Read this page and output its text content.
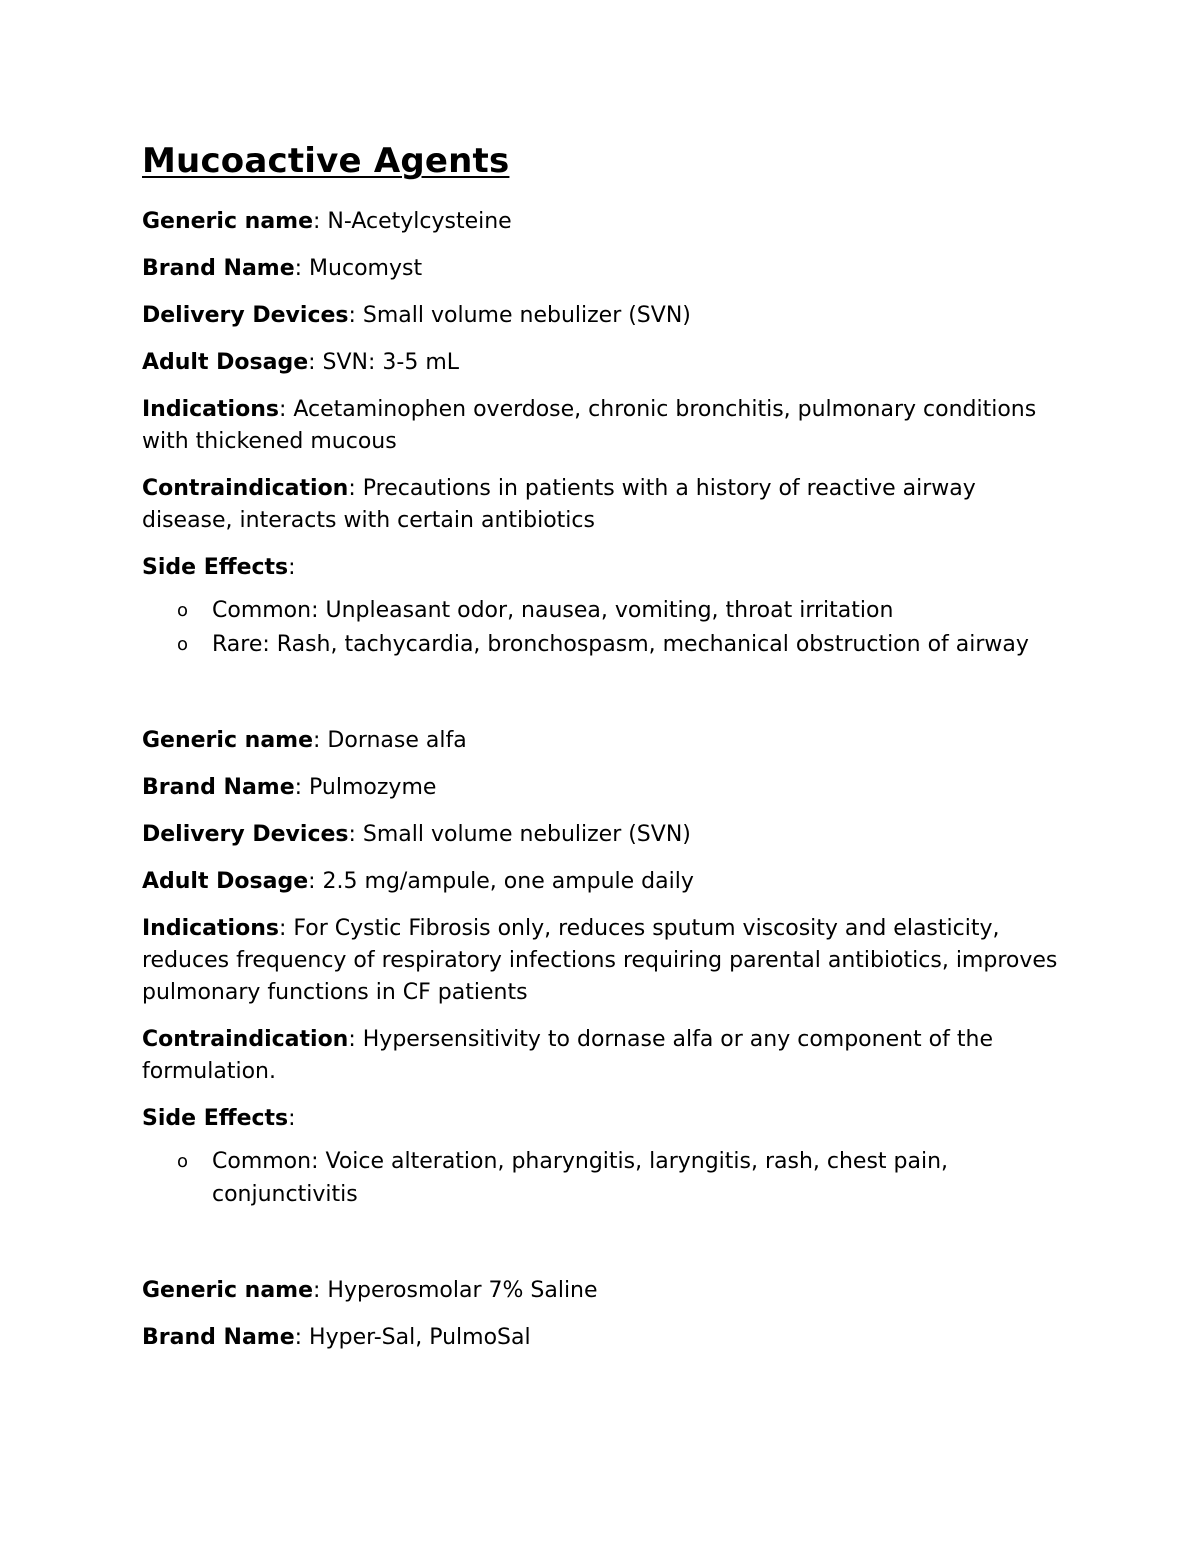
Mucoactive Agents

Generic name: N-Acetylcysteine

Brand Name: Mucomyst

Delivery Devices: Small volume nebulizer (SVN)

Adult Dosage: SVN: 3-5 mL

Indications: Acetaminophen overdose, chronic bronchitis, pulmonary conditions with thickened mucous

Contraindication: Precautions in patients with a history of reactive airway disease, interacts with certain antibiotics

Side Effects:

o Common: Unpleasant odor, nausea, vomiting, throat irritation
o Rare: Rash, tachycardia, bronchospasm, mechanical obstruction of airway

Generic name: Dornase alfa

Brand Name: Pulmozyme

Delivery Devices: Small volume nebulizer (SVN)

Adult Dosage: 2.5 mg/ampule, one ampule daily

Indications: For Cystic Fibrosis only, reduces sputum viscosity and elasticity, reduces frequency of respiratory infections requiring parental antibiotics, improves pulmonary functions in CF patients

Contraindication: Hypersensitivity to dornase alfa or any component of the formulation.

Side Effects:

o Common: Voice alteration, pharyngitis, laryngitis, rash, chest pain, conjunctivitis

Generic name: Hyperosmolar 7% Saline

Brand Name: Hyper-Sal, PulmoSal
